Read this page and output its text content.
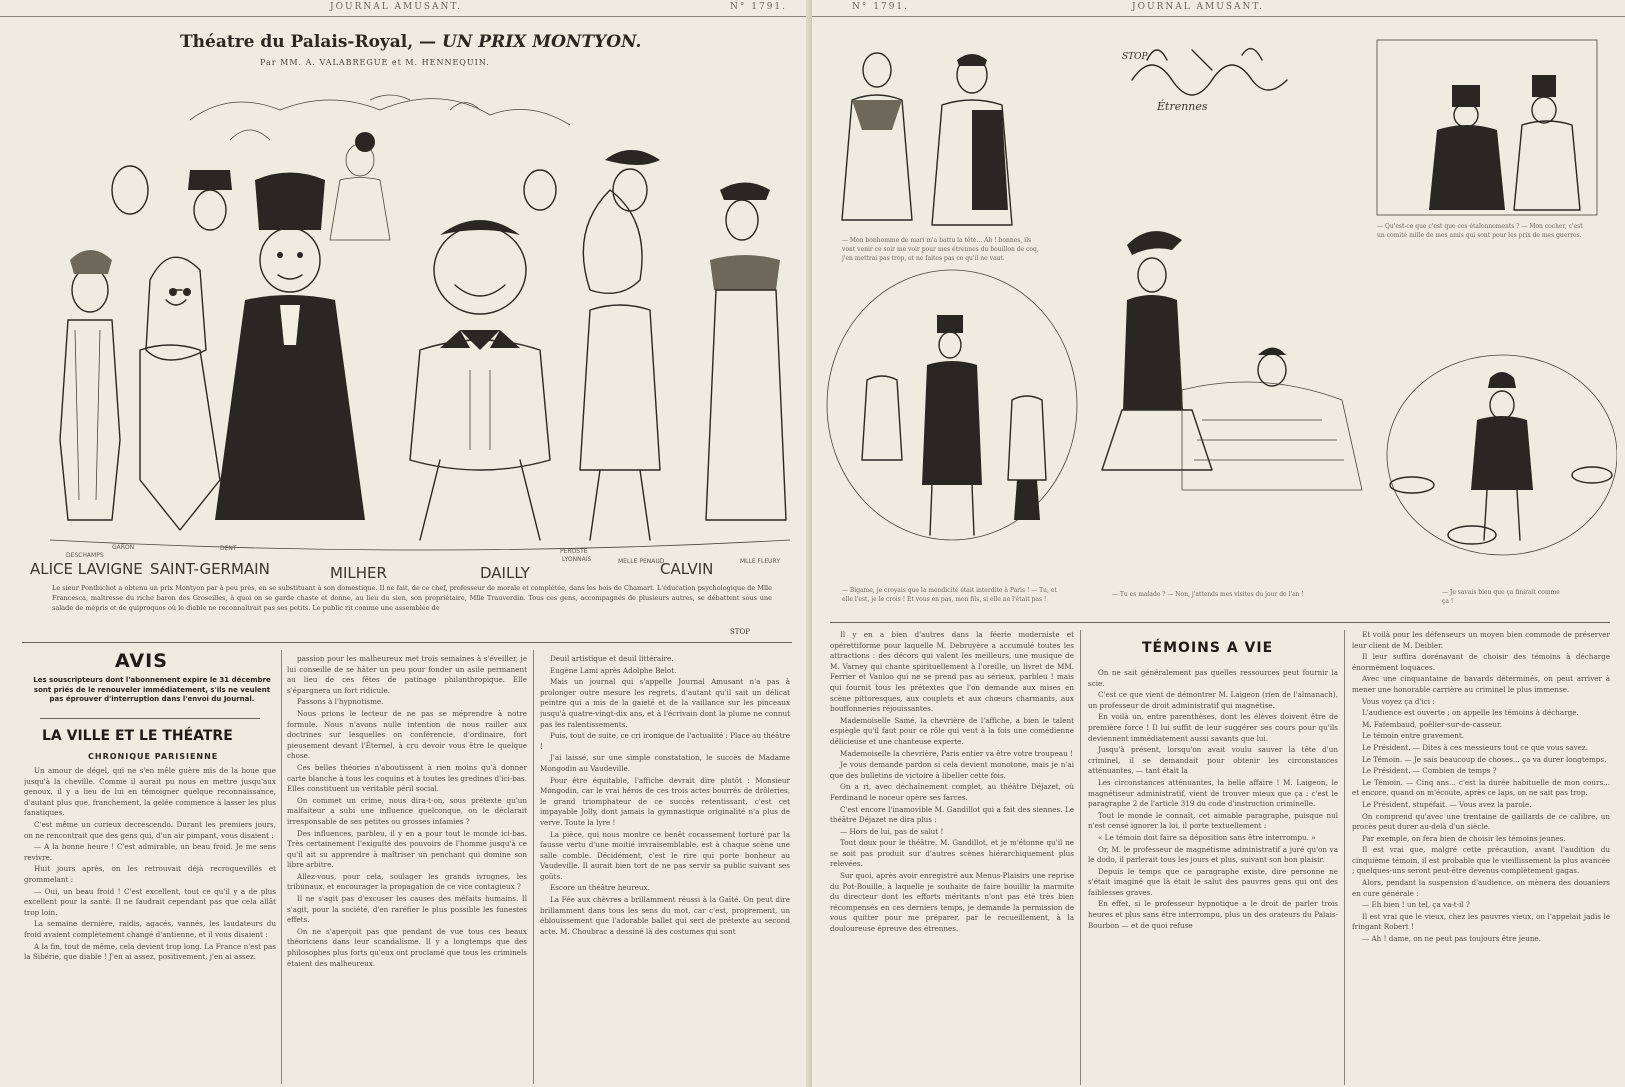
JOURNAL AMUSANT.	N° 1791.
Théatre du Palais-Royal, — UN PRIX MONTYON.
Par MM. A. VALABREGUE et M. HENNEQUIN.
DESCHAMPS
GARON	DENT	PEROSTE
LYONNAIS	MELLE PENAUD	MLLE FLEURY
ALICE LAVIGNE SAINT-GERMAIN	MILHER	DAILLY	CALVIN
Le sieur Pontbichot a obtenu un prix Montyon par à peu près, en se substituant à son domestique. Il ne fait, de ce chef, professeur de morale et complétée, dans les bois de Chamart. L'éducation psychologique de Mlle Francesca, maîtresse du riche baron des Groseilles, à quoi on se garde chaste et donne, au lieu du sien, son propriétaire, Mlle Trauverdin. Tous ces gens, accompagnés de plusieurs autres, se débattent sous une salade de mépris et de quiproquos où le diable ne reconnaîtrait pas ses petits. Le public rit comme une assemblée de
STOP
AVIS
Les souscripteurs dont l'abonnement expire le 31 décembre sont priés de le renouveler immédiatement, s'ils ne veulent pas éprouver d'interruption dans l'envoi du Journal.
LA VILLE ET LE THÉATRE
CHRONIQUE PARISIENNE

Un amour de dégel, qui ne s'en mêle guère mis de la boue que jusqu'à la cheville. Comme il aurait pu nous en mettre jusqu'aux genoux, il y a lieu de lui en témoigner quelque reconnaissance, d'autant plus que, franchement, la gelée commence à lasser les plus fanatiques.

C'est même un curieux decrescendo. Durant les premiers jours, on ne rencontrait que des gens qui, d'un air pimpant, vous disaient :

— A la bonne heure ! C'est admirable, un beau froid. Je me sens revivre.

Huit jours après, on les retrouvait déjà recroquevillés et grommelant :

— Oui, un beau froid ! C'est excellent, tout ce qu'il y a de plus excellent pour la santé. Il ne faudrait cependant pas que cela allât trop loin.

La semaine dernière, raidis, agacés, vannés, les laudateurs du froid avaient complètement changé d'antienne, et il vous disaient :

A la fin, tout de même, cela devient trop long. La France n'est pas la Sibérie, que diable ! J'en ai assez, positivement, j'en ai assez.

passion pour les malheureux met trois semaines à s'éveiller, je lui conseille de se hâter un peu pour fonder un asile permanent au lieu de ces fêtes de patinage philanthropique. Elle s'épargnera un fort ridicule.

Passons à l'hypnotisme.

Nous prions le lecteur de ne pas se méprendre à notre formule. Nous n'avons nulle intention de nous railler aux doctrines sur lesquelles on conférencie, d'ordinaire, fort pieusement devant l'Éternel, à cru devoir vous être le quelque chose.

Ces belles théories n'aboutissent à rien moins qu'à donner carte blanche à tous les coquins et à toutes les gredines d'ici-bas. Elles constituent un véritable péril social.

On commet un crime, nous dira-t-on, sous prétexte qu'un malfaiteur a subi une influence quelconque, on le déclarait irresponsable de ses petites ou grosses infamies ?

Des influences, parbleu, il y en a pour tout le monde ici-bas. Très certainement l'exiguïté des pouvoirs de l'homme jusqu'à ce qu'il ait su apprendre à maîtriser un penchant qui domine son libre arbitre.

Allez-vous, pour cela, soulager les grands ivrognes, les tribunaux, et encourager la propagation de ce vice contagieux ?

Il ne s'agit pas d'excuser les causes des méfaits humains. Il s'agit, pour la société, d'en raréfier le plus possible les funestes effets.

On ne s'aperçoit pas que pendant de vue tous ces beaux théoriciens dans leur scandalisme. Il y a longtemps que des philosophes plus forts qu'eux ont proclamé que tous les criminels étaient des malheureux.

Deuil artistique et deuil littéraire.

Eugène Lami après Adolphe Belot.

Mais un journal qui s'appelle Journal Amusant n'a pas à prolonger outre mesure les regrets, d'autant qu'il sait un délicat peintre qui a mis de la gaieté et de la vaillance sur les pinceaux jusqu'à quatre-vingt-dix ans, et à l'écrivain dont la plume ne connut pas les ralentissements.

Puis, tout de suite, ce cri ironique de l'actualité : Place au théâtre !

J'ai laissé, sur une simple constatation, le succès de Madame Mongodin au Vaudeville.

Pour être équitable, l'affiche devrait dire plutôt : Monsieur Mongodin, car le vrai héros de ces trois actes bourrés de drôleries, le grand triomphateur de ce succès retentissant, c'est cet impayable Jolly, dont jamais la gymnastique originalité n'a plus de verve. Toute la lyre !

La pièce, qui nous montre ce benêt cocassement torturé par la fausse vertu d'une moitié invraisemblable, est à chaque scène une salle comble. Décidément, c'est le rire qui porte bonheur au Vaudeville. Il aurait bien tort de ne pas servir sa public suivant ses goûts.

Escore un théâtre heureux.

La Fée aux chèvres a brillamment réussi à la Gaîté. On peut dire brillamment dans tous les sens du mot, car c'est, proprement, un éblouissement que l'adorable ballet qui sert de prétexte au second acte. M. Choubrac a dessiné là des costumes qui sont

N° 1791.	JOURNAL AMUSANT.
STOP
Étrennes
— Mon bonhomme de mari m'a battu la tête... Ah ! bonnes, ils vont venir ce soir me voir pour mes étrennes du bouillon de coq, j'en mettrai pas trop, et ne faites pas ce qu'il ne vaut.
— Qu'est-ce que c'est que ces étalonnements ? — Mon cocher, c'est un comité mille de mes amis qui sont pour les prix de mes guerres.
— Bigame, je croyais que la mendicité était interdite à Paris ! — Tu, et elle l'est, je le crois ! Et vous en pas, mon fils, si elle ne l'était pas !
— Tu es malade ? — Non, j'attends mes visites du jour de l'an !	— Je savais bien que ça finirait comme ça !

Il y en a bien d'autres dans la féerie moderniste et opérettiforme pour laquelle M. Debruyère a accumulé toutes les attractions : des décors qui valent les meilleurs, une musique de M. Varney qui chante spirituellement à l'oreille, un livret de MM. Ferrier et Vanloo qui ne se prend pas au sérieux, parbleu ! mais qui fournit tous les prétextes que l'on demande aux mises en scène pittoresques, aux couplets et aux chœurs charmants, aux bouffonneries réjouissantes.

Mademoiselle Samé, la chevrière de l'affiche, a bien le talent espiègle qu'il faut pour ce rôle qui veut à la fois une comédienne délicieuse et une chanteuse experte.

Mademoiselle la chevrière, Paris entier va être votre troupeau !

Je vous demande pardon si cela devient monotone, mais je n'ai que des bulletins de victoire à libeller cette fois.

On a ri, avec déchaînement complet, au théâtre Déjazet, où Ferdinand le noceur opère ses farces.

C'est encore l'inamovible M. Gandillot qui a fait des siennes. Le théâtre Déjazet ne dira plus :

— Hors de lui, pas de salut !

Tout doux pour le théâtre, M. Gandillot, et je m'étonne qu'il ne se soit pas produit sur d'autres scènes hiérarchiquement plus relevées.

Sur quoi, après avoir enregistré aux Menus-Plaisirs une reprise du Pot-Bouille, à laquelle je souhaite de faire bouillir la marmite du directeur dont les efforts méritants n'ont pas été très bien récompensés en ces derniers temps, je demande la permission de vous quitter pour me préparer, par le recueillement, à la douloureuse épreuve des étrennes.

TÉMOINS A VIE

On ne sait généralement pas quelles ressources peut fournir la scie.

C'est ce que vient de démontrer M. Laigeon (rien de l'almanach), un professeur de droit administratif qui magnétise.

En voilà un, entre parenthèses, dont les élèves doivent être de première force ! Il lui suffit de leur suggérer ses cours pour qu'ils deviennent immédiatement aussi savants que lui.

Jusqu'à présent, lorsqu'on avait voulu sauver la tête d'un criminel, il se demandait pour obtenir les circonstances atténuantes, — tant était la

Les circonstances atténuantes, la belle affaire ! M. Laigeon, le magnétiseur administratif, vient de trouver mieux que ça : c'est le paragraphe 2 de l'article 319 du code d'instruction criminelle.

Tout le monde le connaît, cet aimable paragraphe, puisque nul n'est censé ignorer la loi, il porte textuellement :

« Le témoin doit faire sa déposition sans être interrompu. »

Or, M. le professeur de magnétisme administratif a juré qu'on va le dodo, il parlerait tous les jours et plus, suivant son bon plaisir.

Depuis le temps que ce paragraphe existe, dire personne ne s'était imaginé que là était le salut des pauvres gens qui ont des faiblesses graves.

En effet, si le professeur hypnotique a le droit de parler trois heures et plus sans être interrompu, plus un des orateurs du Palais-Bourbon — et de quoi refuse

Et voilà pour les défenseurs un moyen bien commode de préserver leur client de M. Deibler.

Il leur suffira dorénavant de choisir des témoins à décharge énormément loquaces.

Avec une cinquantaine de bavards déterminés, on peut arriver à mener une honorable carrière au criminel le plus immense.

Vous voyez ça d'ici :

L'audience est ouverte ; on appelle les témoins à décharge.

M. Fafembaud, poêlier-sur-de-casseur.

Le témoin entre gravement.

Le Président. — Dites à ces messieurs tout ce que vous savez.

Le Témoin. — Je sais beaucoup de choses... ça va durer longtemps.

Le Président. — Combien de temps ?

Le Témoin. — Cinq ans... c'est la durée habituelle de mon cours... et encore, quand on m'écoute, après ce laps, on ne sait pas trop.

Le Président, stupéfait. — Vous avez la parole.

On comprend qu'avec une trentaine de gaillards de ce calibre, un procès peut durer au-delà d'un siècle.

Par exemple, on fera bien de choisir les témoins jeunes.

Il est vrai que, malgré cette précaution, avant l'audition du cinquième témoin, il est probable que le vieillissement la plus avancée ; quelques-uns seront peut-être devenus complètement gagas.

Alors, pendant la suspension d'audience, on mènera des douaniers en cure générale :

— Eh bien ! un tel, ça va-t-il ?

Il est vrai que le vieux, chez les pauvres vieux, on l'appelait jadis le fringant Robert !

— Ah ! dame, on ne peut pas toujours être jeune.
